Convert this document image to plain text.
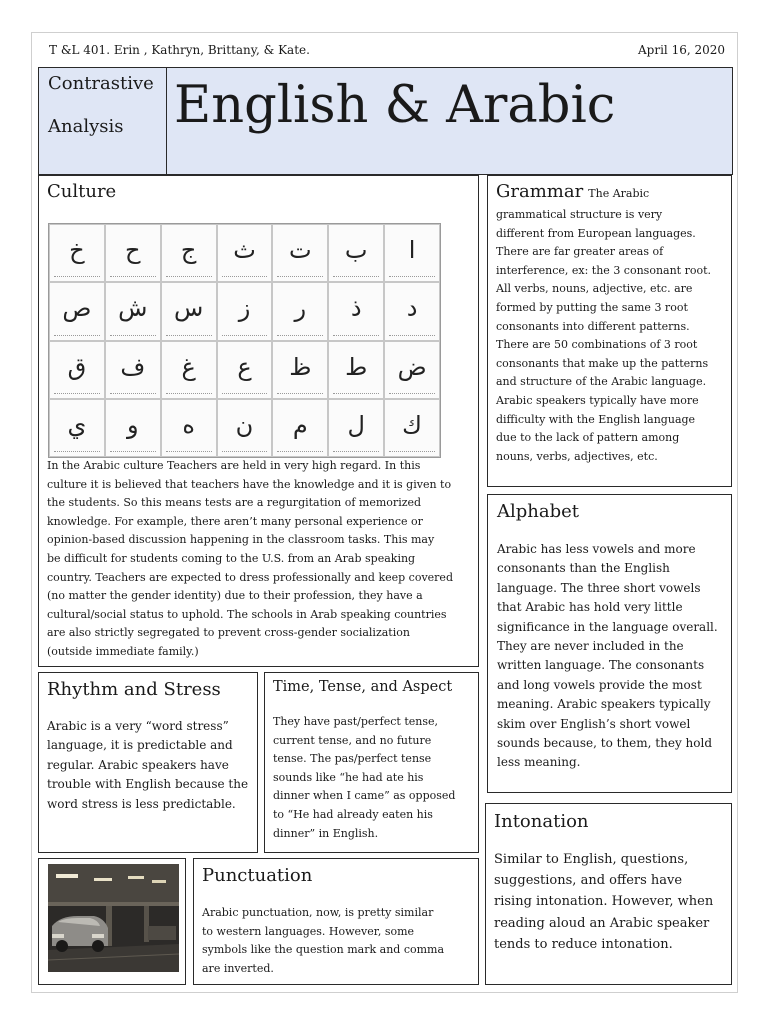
T &L 401. Erin , Kathryn, Brittany, & Kate.	April 16, 2020
Contrastive
Analysis English & Arabic
Culture
خ ح ج ث ت ب ا
ص ش س ز ر ذ د
ق ف غ ع ظ ط ض
ي و ه ن م ل ك
In the Arabic culture Teachers are held in very high regard. In this
culture it is believed that teachers have the knowledge and it is given to
the students. So this means tests are a regurgitation of memorized
knowledge. For example, there aren’t many personal experience or
opinion-based discussion happening in the classroom tasks. This may
be difficult for students coming to the U.S. from an Arab speaking
country. Teachers are expected to dress professionally and keep covered
(no matter the gender identity) due to their profession, they have a
cultural/social status to uphold. The schools in Arab speaking countries
are also strictly segregated to prevent cross-gender socialization
(outside immediate family.)
Grammar The Arabic
grammatical structure is very
different from European languages.
There are far greater areas of
interference, ex: the 3 consonant root.
All verbs, nouns, adjective, etc. are
formed by putting the same 3 root
consonants into different patterns.
There are 50 combinations of 3 root
consonants that make up the patterns
and structure of the Arabic language.
Arabic speakers typically have more
difficulty with the English language
due to the lack of pattern among
nouns, verbs, adjectives, etc.
Alphabet
Arabic has less vowels and more
consonants than the English
language. The three short vowels
that Arabic has hold very little
significance in the language overall.
They are never included in the
written language. The consonants
and long vowels provide the most
meaning. Arabic speakers typically
skim over English’s short vowel
sounds because, to them, they hold
less meaning.
Rhythm and Stress
Arabic is a very “word stress”
language, it is predictable and
regular. Arabic speakers have
trouble with English because the
word stress is less predictable.
Time, Tense, and Aspect
They have past/perfect tense,
current tense, and no future
tense. The pas/perfect tense
sounds like “he had ate his
dinner when I came” as opposed
to “He had already eaten his
dinner” in English.
Intonation
Similar to English, questions,
suggestions, and offers have
rising intonation. However, when
reading aloud an Arabic speaker
tends to reduce intonation.
Punctuation
Arabic punctuation, now, is pretty similar
to western languages. However, some
symbols like the question mark and comma
are inverted.
